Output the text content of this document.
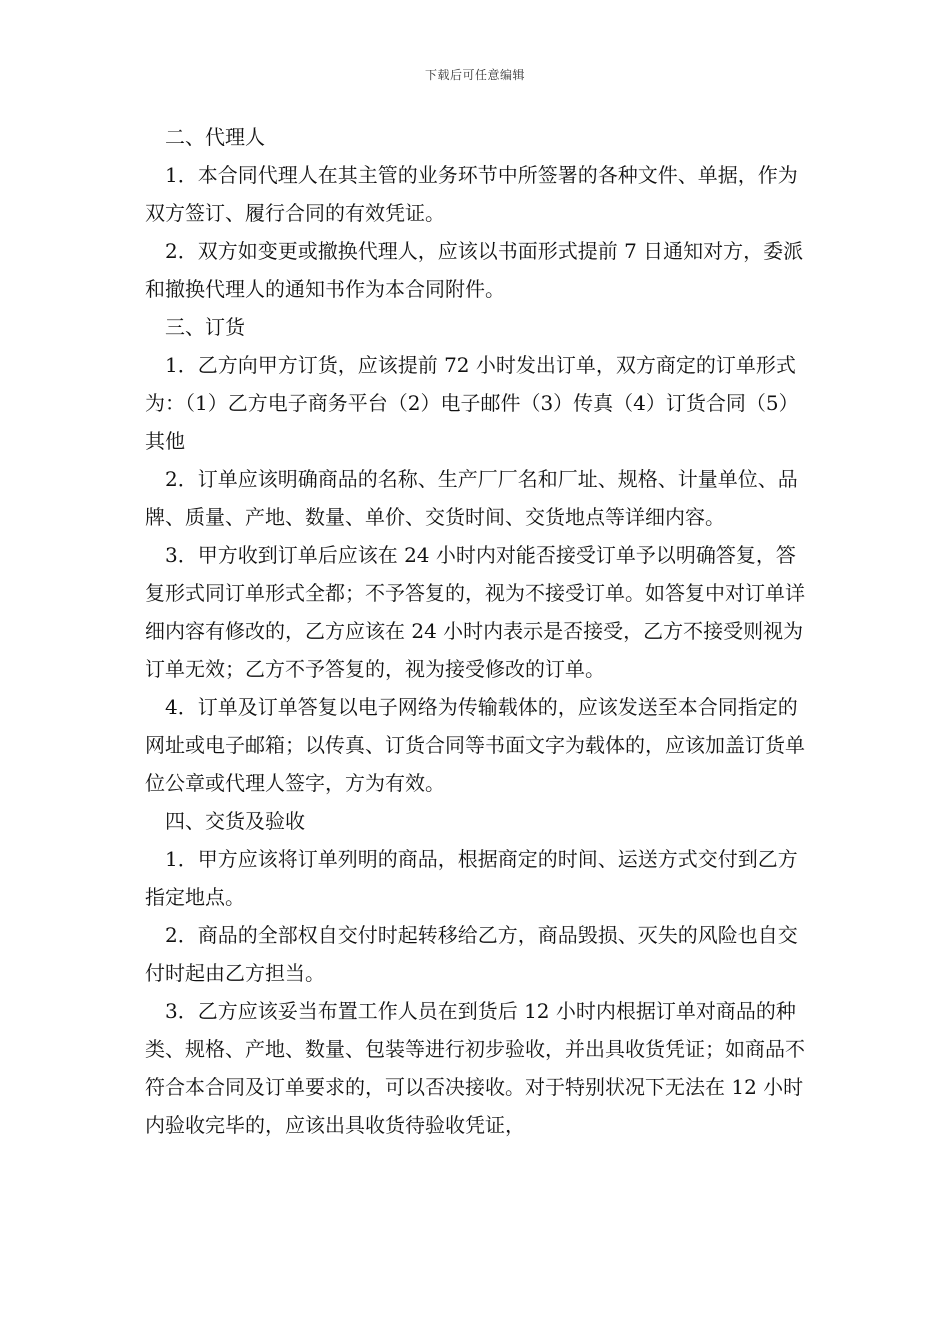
下载后可任意编辑

　二、代理人

　1．本合同代理人在其主管的业务环节中所签署的各种文件、单据，作为双方签订、履行合同的有效凭证。

　2．双方如变更或撤换代理人，应该以书面形式提前 7 日通知对方，委派和撤换代理人的通知书作为本合同附件。

　三、订货

　1．乙方向甲方订货，应该提前 72 小时发出订单，双方商定的订单形式为：（1）乙方电子商务平台（2）电子邮件（3）传真（4）订货合同（5）其他

　2．订单应该明确商品的名称、生产厂厂名和厂址、规格、计量单位、品牌、质量、产地、数量、单价、交货时间、交货地点等详细内容。

　3．甲方收到订单后应该在 24 小时内对能否接受订单予以明确答复，答复形式同订单形式全都；不予答复的，视为不接受订单。如答复中对订单详细内容有修改的，乙方应该在 24 小时内表示是否接受，乙方不接受则视为订单无效；乙方不予答复的，视为接受修改的订单。

　4．订单及订单答复以电子网络为传输载体的，应该发送至本合同指定的网址或电子邮箱；以传真、订货合同等书面文字为载体的，应该加盖订货单位公章或代理人签字，方为有效。

　四、交货及验收

　1．甲方应该将订单列明的商品，根据商定的时间、运送方式交付到乙方指定地点。

　2．商品的全部权自交付时起转移给乙方，商品毁损、灭失的风险也自交付时起由乙方担当。

　3．乙方应该妥当布置工作人员在到货后 12 小时内根据订单对商品的种类、规格、产地、数量、包装等进行初步验收，并出具收货凭证；如商品不符合本合同及订单要求的，可以否决接收。对于特别状况下无法在 12 小时内验收完毕的，应该出具收货待验收凭证，
